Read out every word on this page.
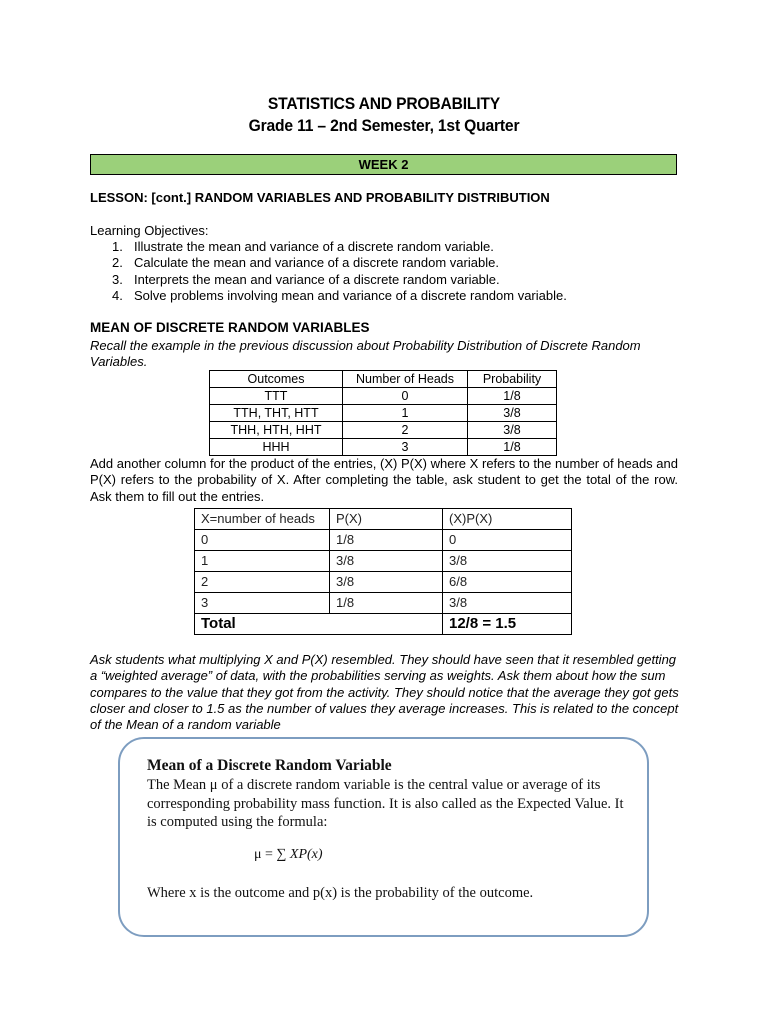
STATISTICS AND PROBABILITY
Grade 11 – 2nd Semester, 1st Quarter
WEEK 2
LESSON: [cont.] RANDOM VARIABLES AND PROBABILITY DISTRIBUTION
Learning Objectives:
1. Illustrate the mean and variance of a discrete random variable.
2. Calculate the mean and variance of a discrete random variable.
3. Interprets the mean and variance of a discrete random variable.
4. Solve problems involving mean and variance of a discrete random variable.
MEAN OF DISCRETE RANDOM VARIABLES
Recall the example in the previous discussion about Probability Distribution of Discrete Random Variables.
Outcomes	Number of Heads	Probability
TTT	0	1/8
TTH, THT, HTT	1	3/8
THH, HTH, HHT	2	3/8
HHH	3	1/8
Add another column for the product of the entries, (X) P(X) where X refers to the number of heads and P(X) refers to the probability of X. After completing the table, ask student to get the total of the row. Ask them to fill out the entries.
X=number of heads	P(X)	(X)P(X)
0	1/8	0
1	3/8	3/8
2	3/8	6/8
3	1/8	3/8
Total		12/8 = 1.5
Ask students what multiplying X and P(X) resembled. They should have seen that it resembled getting a “weighted average” of data, with the probabilities serving as weights. Ask them about how the sum compares to the value that they got from the activity. They should notice that the average they got gets closer and closer to 1.5 as the number of values they average increases. This is related to the concept of the Mean of a random variable
Mean of a Discrete Random Variable
The Mean μ of a discrete random variable is the central value or average of its corresponding probability mass function. It is also called as the Expected Value. It is computed using the formula:
μ = ∑ XP(x)
Where x is the outcome and p(x) is the probability of the outcome.
